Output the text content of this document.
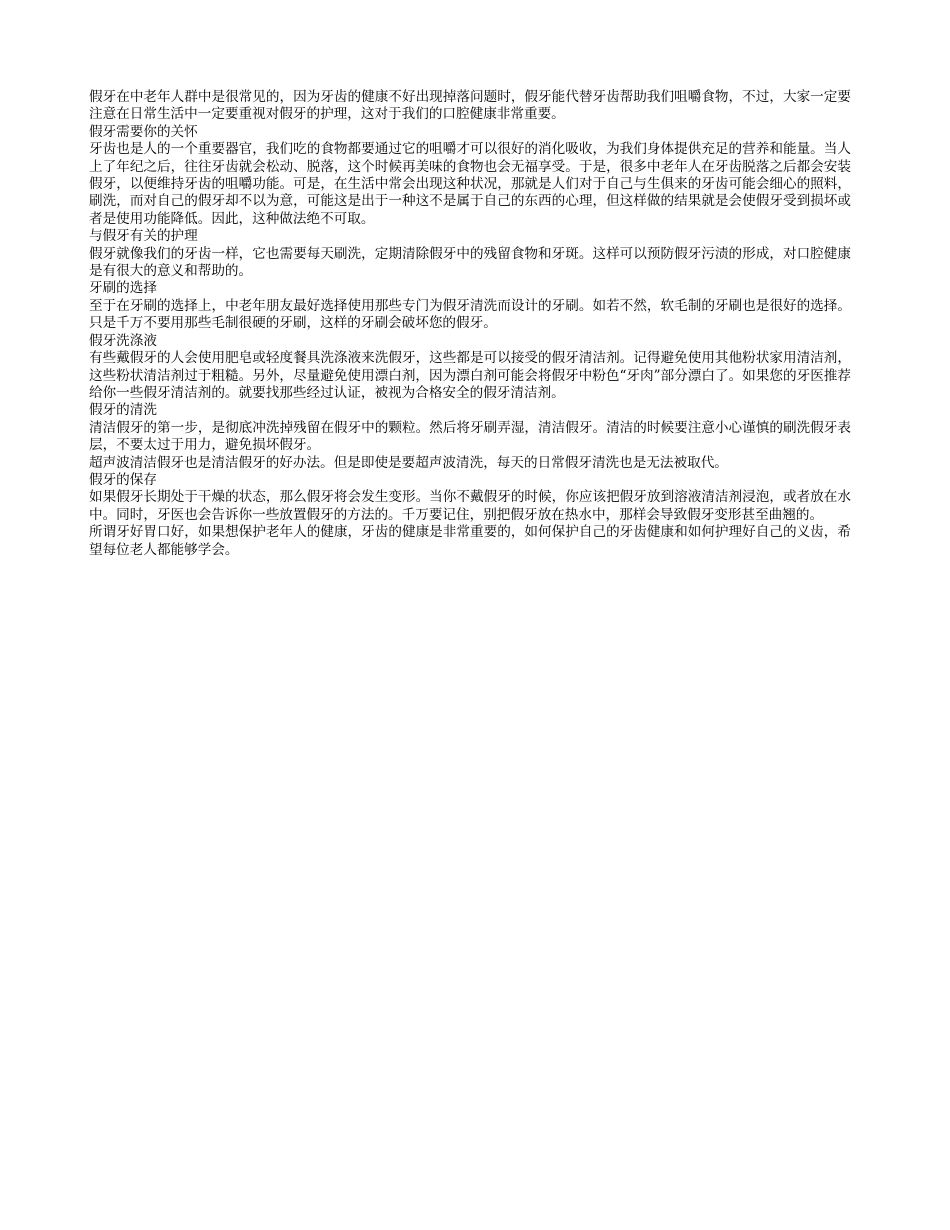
假牙在中老年人群中是很常见的，因为牙齿的健康不好出现掉落问题时，假牙能代替牙齿帮助我们咀嚼食物，不过，大家一定要注意在日常生活中一定要重视对假牙的护理，这对于我们的口腔健康非常重要。

假牙需要你的关怀

牙齿也是人的一个重要器官，我们吃的食物都要通过它的咀嚼才可以很好的消化吸收，为我们身体提供充足的营养和能量。当人上了年纪之后，往往牙齿就会松动、脱落，这个时候再美味的食物也会无福享受。于是，很多中老年人在牙齿脱落之后都会安装假牙，以便维持牙齿的咀嚼功能。可是，在生活中常会出现这种状况，那就是人们对于自己与生俱来的牙齿可能会细心的照料，刷洗，而对自己的假牙却不以为意，可能这是出于一种这不是属于自己的东西的心理，但这样做的结果就是会使假牙受到损坏或者是使用功能降低。因此，这种做法绝不可取。

与假牙有关的护理

假牙就像我们的牙齿一样，它也需要每天刷洗，定期清除假牙中的残留食物和牙斑。这样可以预防假牙污渍的形成，对口腔健康是有很大的意义和帮助的。

牙刷的选择

至于在牙刷的选择上，中老年朋友最好选择使用那些专门为假牙清洗而设计的牙刷。如若不然，软毛制的牙刷也是很好的选择。只是千万不要用那些毛制很硬的牙刷，这样的牙刷会破坏您的假牙。

假牙洗涤液

有些戴假牙的人会使用肥皂或轻度餐具洗涤液来洗假牙，这些都是可以接受的假牙清洁剂。记得避免使用其他粉状家用清洁剂，这些粉状清洁剂过于粗糙。另外，尽量避免使用漂白剂，因为漂白剂可能会将假牙中粉色“牙肉”部分漂白了。如果您的牙医推荐给你一些假牙清洁剂的。就要找那些经过认证，被视为合格安全的假牙清洁剂。

假牙的清洗

清洁假牙的第一步，是彻底冲洗掉残留在假牙中的颗粒。然后将牙刷弄湿，清洁假牙。清洁的时候要注意小心谨慎的刷洗假牙表层，不要太过于用力，避免损坏假牙。

超声波清洁假牙也是清洁假牙的好办法。但是即使是要超声波清洗，每天的日常假牙清洗也是无法被取代。

假牙的保存

如果假牙长期处于干燥的状态，那么假牙将会发生变形。当你不戴假牙的时候，你应该把假牙放到溶液清洁剂浸泡，或者放在水中。同时，牙医也会告诉你一些放置假牙的方法的。千万要记住，别把假牙放在热水中，那样会导致假牙变形甚至曲翘的。

所谓牙好胃口好，如果想保护老年人的健康，牙齿的健康是非常重要的，如何保护自己的牙齿健康和如何护理好自己的义齿，希望每位老人都能够学会。
